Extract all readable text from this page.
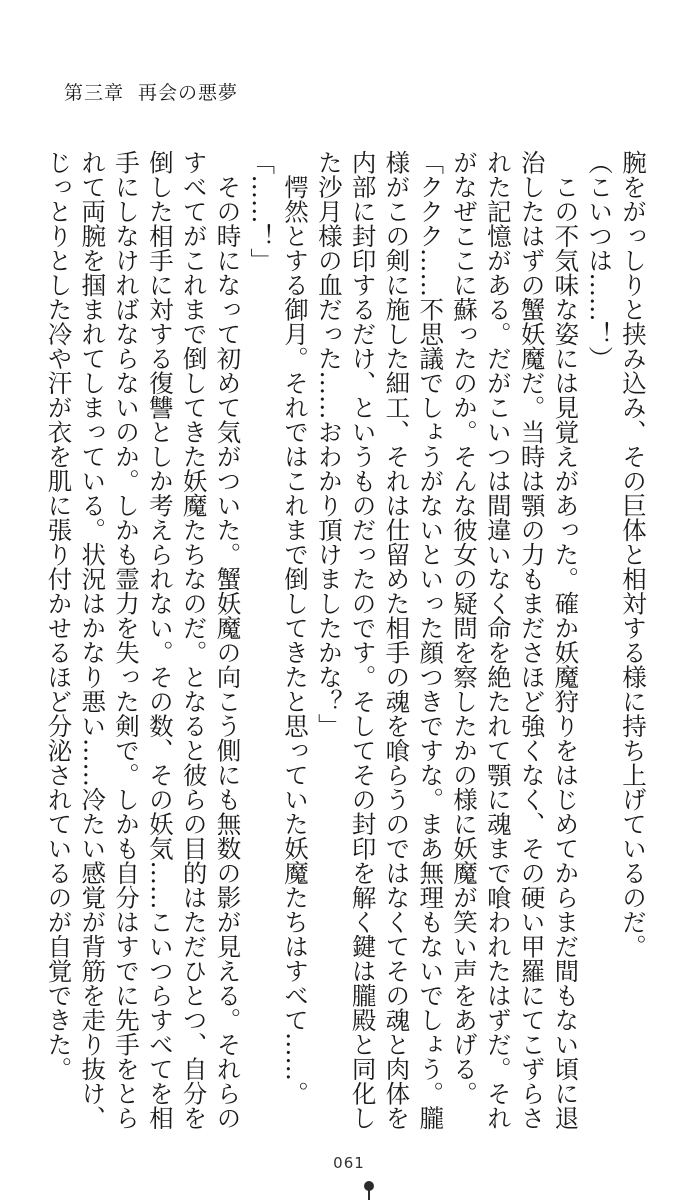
第三章 再会の悪夢
腕をがっしりと挟み込み、その巨体と相対する様に持ち上げているのだ。
（こいつは……！）
　この不気味な姿には見覚えがあった。確か妖魔狩りをはじめてからまだ間もない頃に退
治したはずの蟹妖魔だ。当時は顎の力もまださほど強くなく、その硬い甲羅にてこずらさ
れた記憶がある。だがこいつは間違いなく命を絶たれて顎に魂まで喰われたはずだ。それ
がなぜここに蘇ったのか。そんな彼女の疑問を察したかの様に妖魔が笑い声をあげる。
「ククク……不思議でしょうがないといった顔つきですな。まあ無理もないでしょう。朧
様がこの剣に施した細工、それは仕留めた相手の魂を喰らうのではなくてその魂と肉体を
内部に封印するだけ、というものだったのです。そしてその封印を解く鍵は朧殿と同化し
た沙月様の血だった……おわかり頂けましたかな？」
　愕然とする御月。それではこれまで倒してきたと思っていた妖魔たちはすべて……。
「……！」
　その時になって初めて気がついた。蟹妖魔の向こう側にも無数の影が見える。それらの
すべてがこれまで倒してきた妖魔たちなのだ。となると彼らの目的はただひとつ、自分を
倒した相手に対する復讐としか考えられない。その数、その妖気……こいつらすべてを相
手にしなければならないのか。しかも霊力を失った剣で。しかも自分はすでに先手をとら
れて両腕を掴まれてしまっている。状況はかなり悪い……冷たい感覚が背筋を走り抜け、
じっとりとした冷や汗が衣を肌に張り付かせるほど分泌されているのが自覚できた。
061
